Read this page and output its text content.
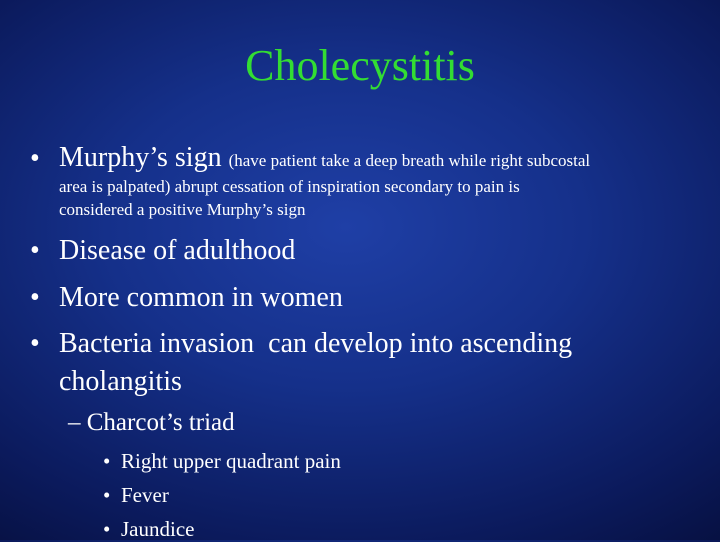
Cholecystitis
• Murphy’s sign (have patient take a deep breath while right subcostal
area is palpated) abrupt cessation of inspiration secondary to pain is
considered a positive Murphy’s sign
• Disease of adulthood
• More common in women
• Bacteria invasion  can develop into ascending
cholangitis
– Charcot’s triad
• Right upper quadrant pain
• Fever
• Jaundice
